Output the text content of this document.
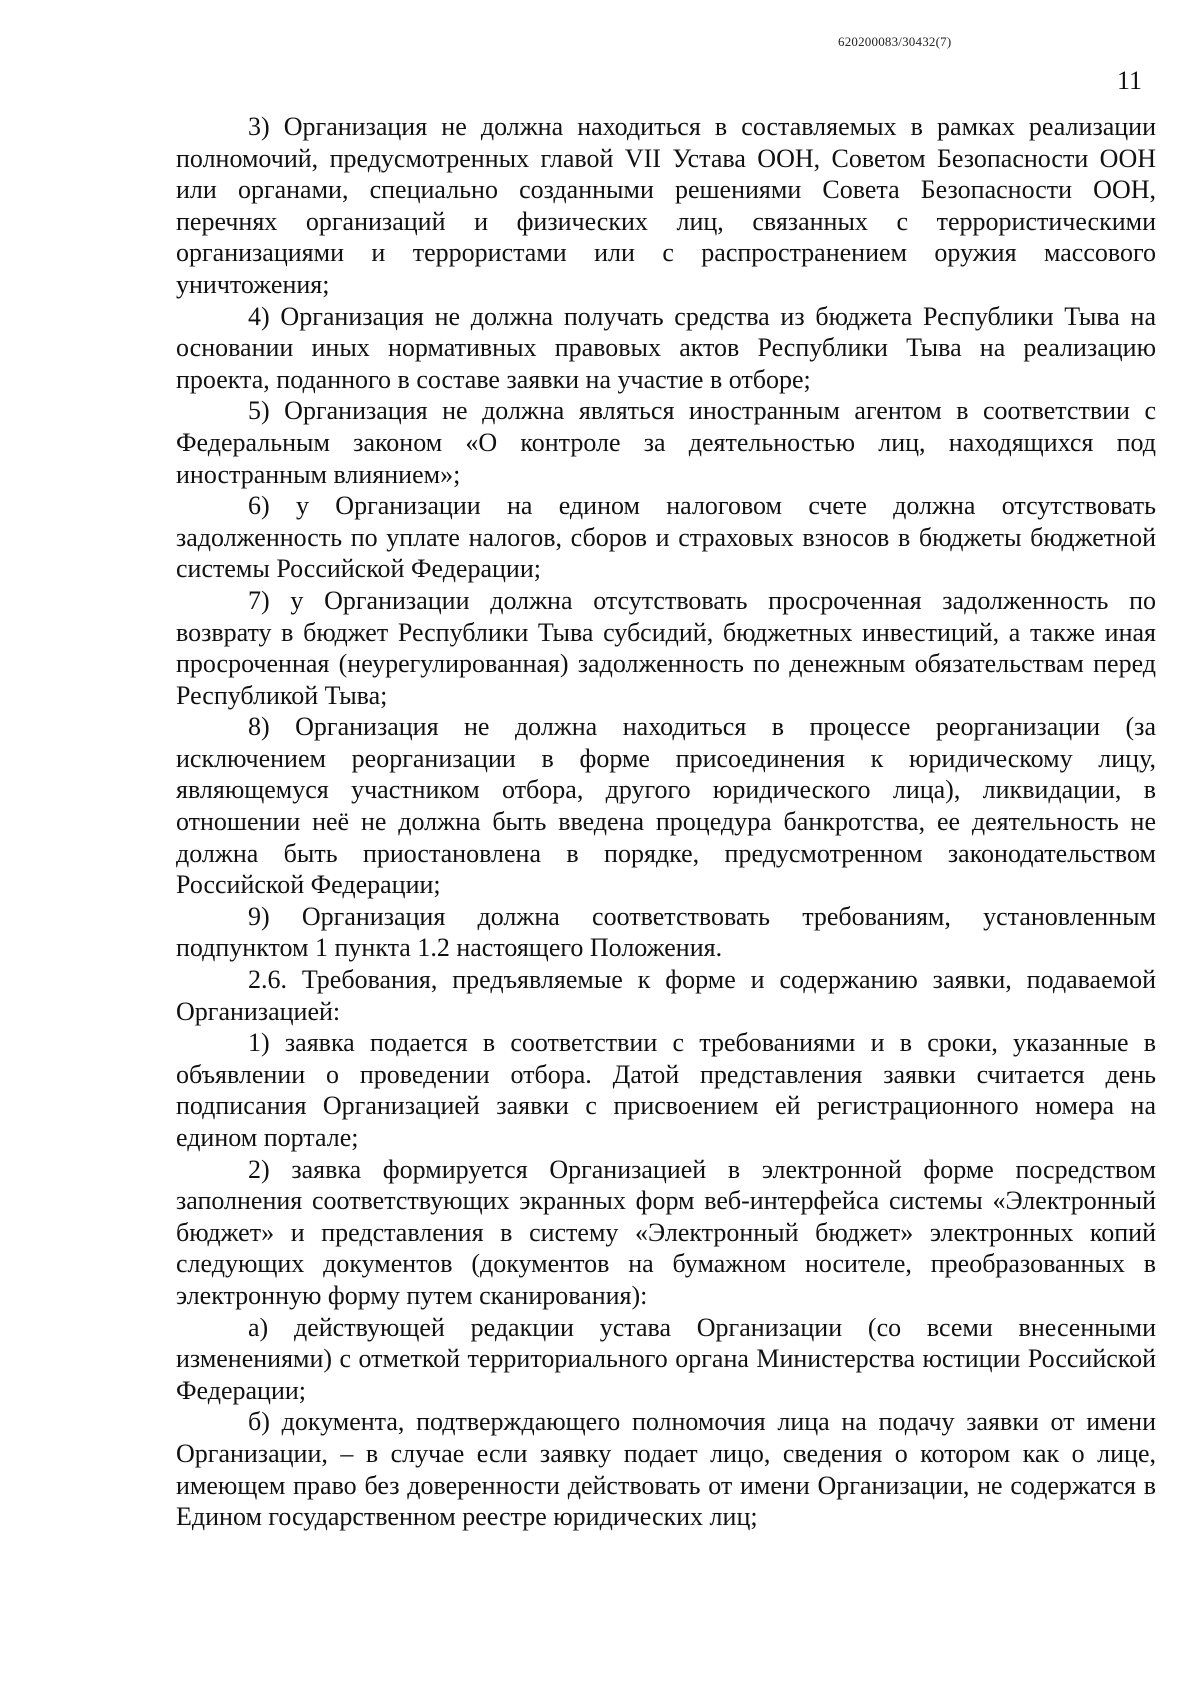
620200083/30432(7)
11

3) Организация не должна находиться в составляемых в рамках реализации полномочий, предусмотренных главой VII Устава ООН, Советом Безопасности ООН или органами, специально созданными решениями Совета Безопасности ООН, перечнях организаций и физических лиц, связанных с террористическими организациями и террористами или с распространением оружия массового уничтожения;

4) Организация не должна получать средства из бюджета Республики Тыва на основании иных нормативных правовых актов Республики Тыва на реализацию проекта, поданного в составе заявки на участие в отборе;

5) Организация не должна являться иностранным агентом в соответствии с Федеральным законом «О контроле за деятельностью лиц, находящихся под иностранным влиянием»;

6) у Организации на едином налоговом счете должна отсутствовать задолженность по уплате налогов, сборов и страховых взносов в бюджеты бюджетной системы Российской Федерации;

7) у Организации должна отсутствовать просроченная задолженность по возврату в бюджет Республики Тыва субсидий, бюджетных инвестиций, а также иная просроченная (неурегулированная) задолженность по денежным обязательствам перед Республикой Тыва;

8) Организация не должна находиться в процессе реорганизации (за исключением реорганизации в форме присоединения к юридическому лицу, являющемуся участником отбора, другого юридического лица), ликвидации, в отношении неё не должна быть введена процедура банкротства, ее деятельность не должна быть приостановлена в порядке, предусмотренном законодательством Российской Федерации;

9) Организация должна соответствовать требованиям, установленным подпунктом 1 пункта 1.2 настоящего Положения.

2.6. Требования, предъявляемые к форме и содержанию заявки, подаваемой Организацией:

1) заявка подается в соответствии с требованиями и в сроки, указанные в объявлении о проведении отбора. Датой представления заявки считается день подписания Организацией заявки с присвоением ей регистрационного номера на едином портале;

2) заявка формируется Организацией в электронной форме посредством заполнения соответствующих экранных форм веб-интерфейса системы «Электронный бюджет» и представления в систему «Электронный бюджет» электронных копий следующих документов (документов на бумажном носителе, преобразованных в электронную форму путем сканирования):

а) действующей редакции устава Организации (со всеми внесенными изменениями) с отметкой территориального органа Министерства юстиции Российской Федерации;

б) документа, подтверждающего полномочия лица на подачу заявки от имени Организации, – в случае если заявку подает лицо, сведения о котором как о лице, имеющем право без доверенности действовать от имени Организации, не содержатся в Едином государственном реестре юридических лиц;
